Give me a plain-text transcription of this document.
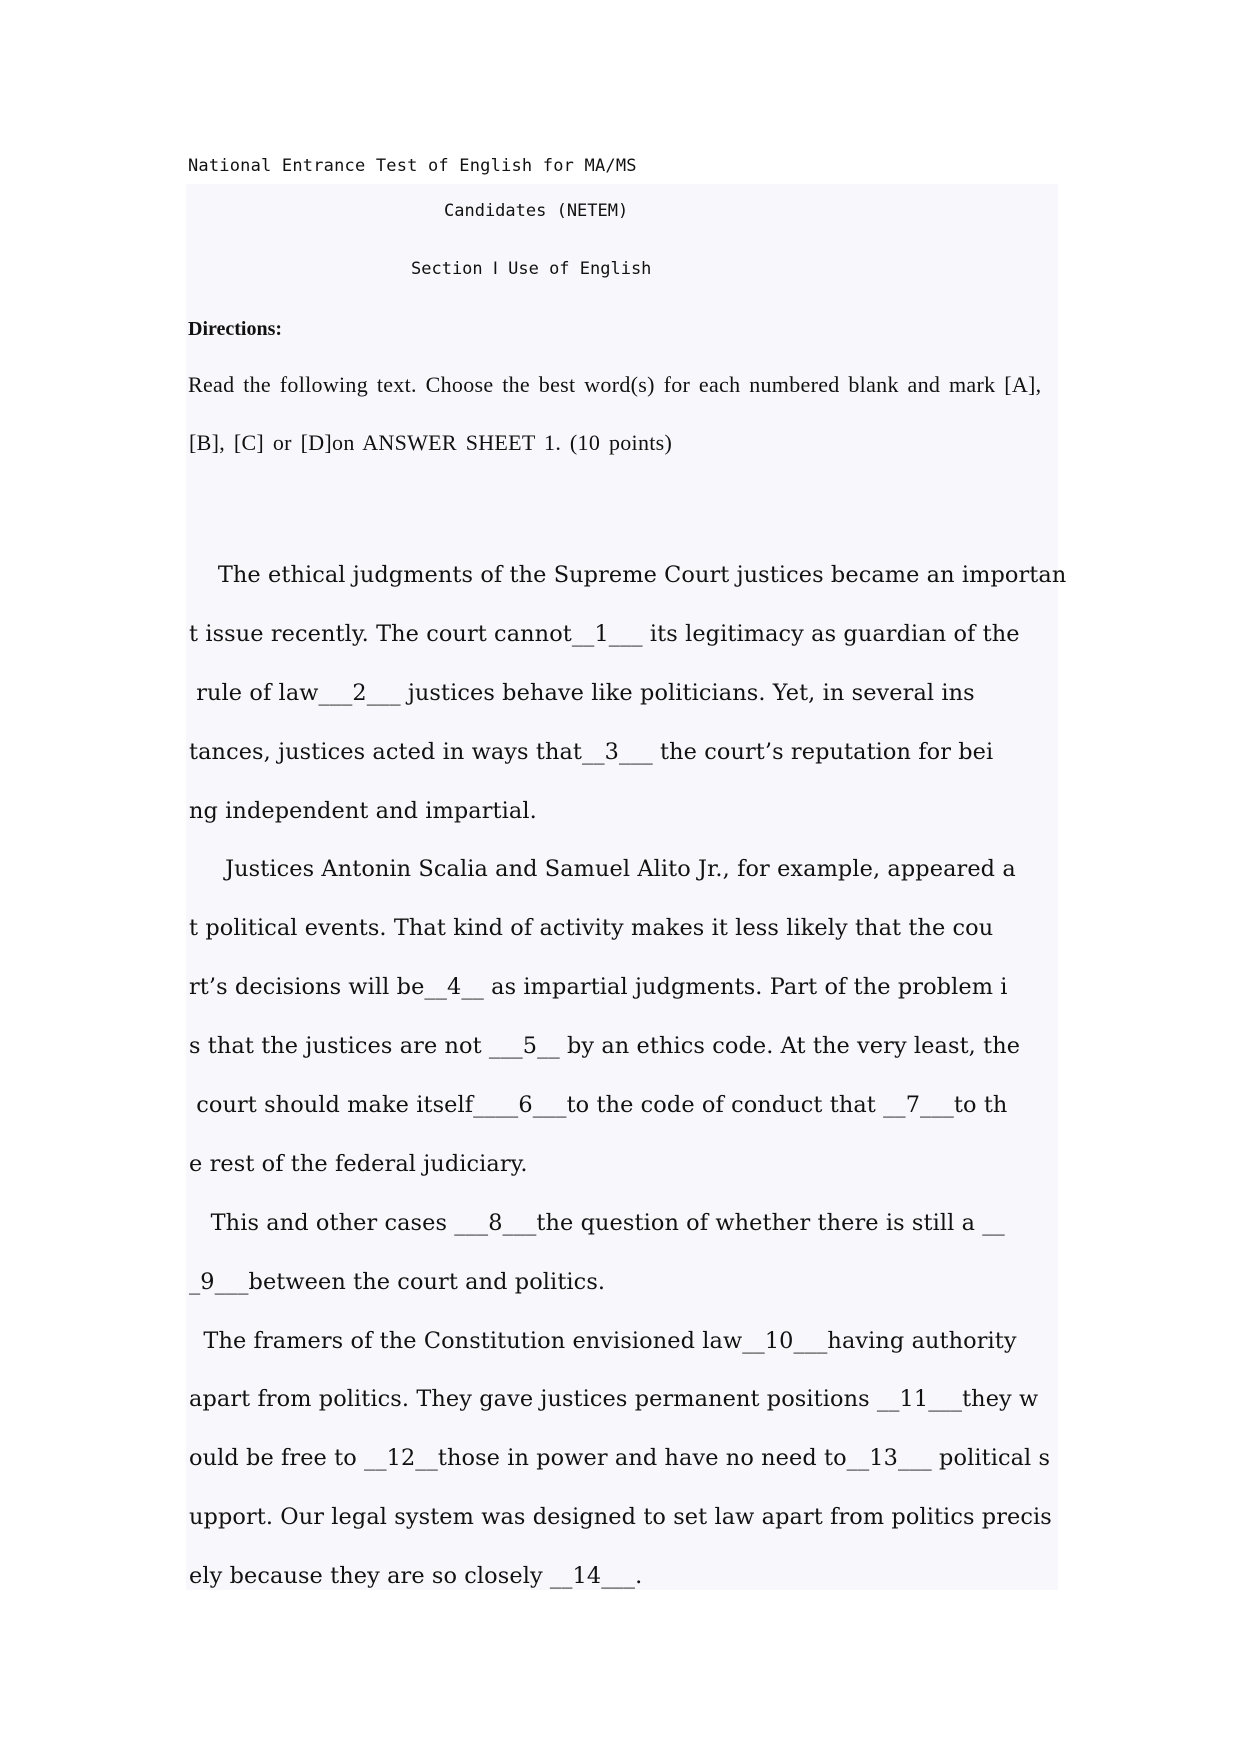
National Entrance Test of English for MA/MS
Candidates (NETEM)
Section Ⅰ Use of English
Directions:
Read the following text. Choose the best word(s) for each numbered blank and mark [A],
[B], [C] or [D]on ANSWER SHEET 1. (10 points)
The ethical judgments of the Supreme Court justices became an importan
t issue recently. The court cannot__1___ its legitimacy as guardian of the
rule of law___2___ justices behave like politicians. Yet, in several ins
tances, justices acted in ways that__3___ the court’s reputation for bei
ng independent and impartial.
Justices Antonin Scalia and Samuel Alito Jr., for example, appeared a
t political events. That kind of activity makes it less likely that the cou
rt’s decisions will be__4__ as impartial judgments. Part of the problem i
s that the justices are not ___5__ by an ethics code. At the very least, the
court should make itself____6___to the code of conduct that __7___to th
e rest of the federal judiciary.
This and other cases ___8___the question of whether there is still a __
_9___between the court and politics.
The framers of the Constitution envisioned law__10___having authority
apart from politics. They gave justices permanent positions __11___they w
ould be free to __12__those in power and have no need to__13___ political s
upport. Our legal system was designed to set law apart from politics precis
ely because they are so closely __14___.
